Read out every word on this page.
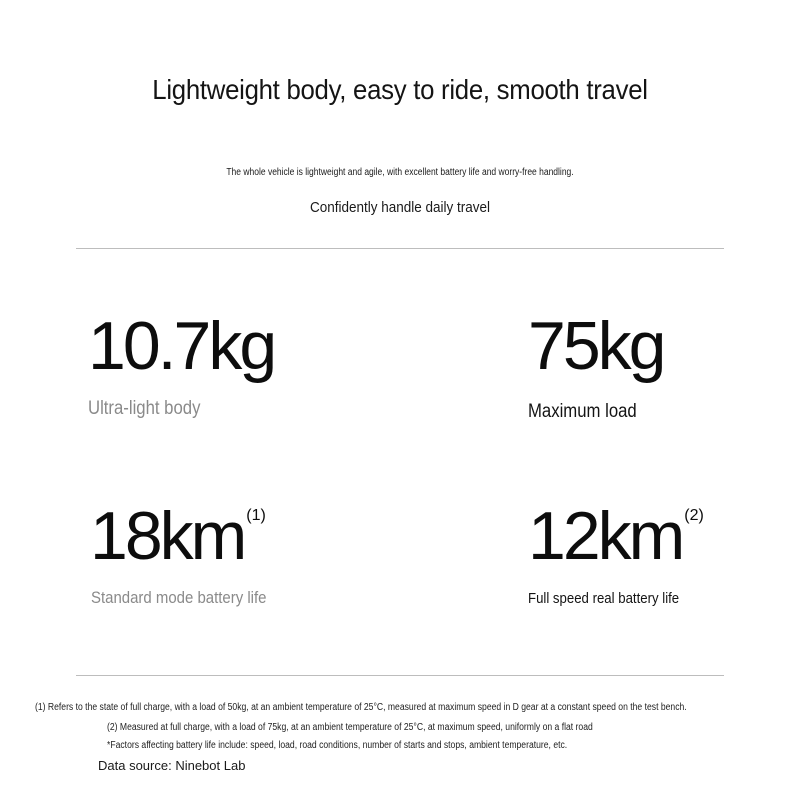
Lightweight body, easy to ride, smooth travel
The whole vehicle is lightweight and agile, with excellent battery life and worry-free handling.
Confidently handle daily travel
10.7kg
Ultra-light body
75kg
Maximum load
18km $^{(1)}$
Standard mode battery life
12km $^{(2)}$
Full speed real battery life
(1) Refers to the state of full charge, with a load of 50kg, at an ambient temperature of 25°C, measured at maximum speed in D gear at a constant speed on the test bench.
(2) Measured at full charge, with a load of 75kg, at an ambient temperature of 25°C, at maximum speed, uniformly on a flat road
*Factors affecting battery life include: speed, load, road conditions, number of starts and stops, ambient temperature, etc.
Data source: Ninebot Lab
